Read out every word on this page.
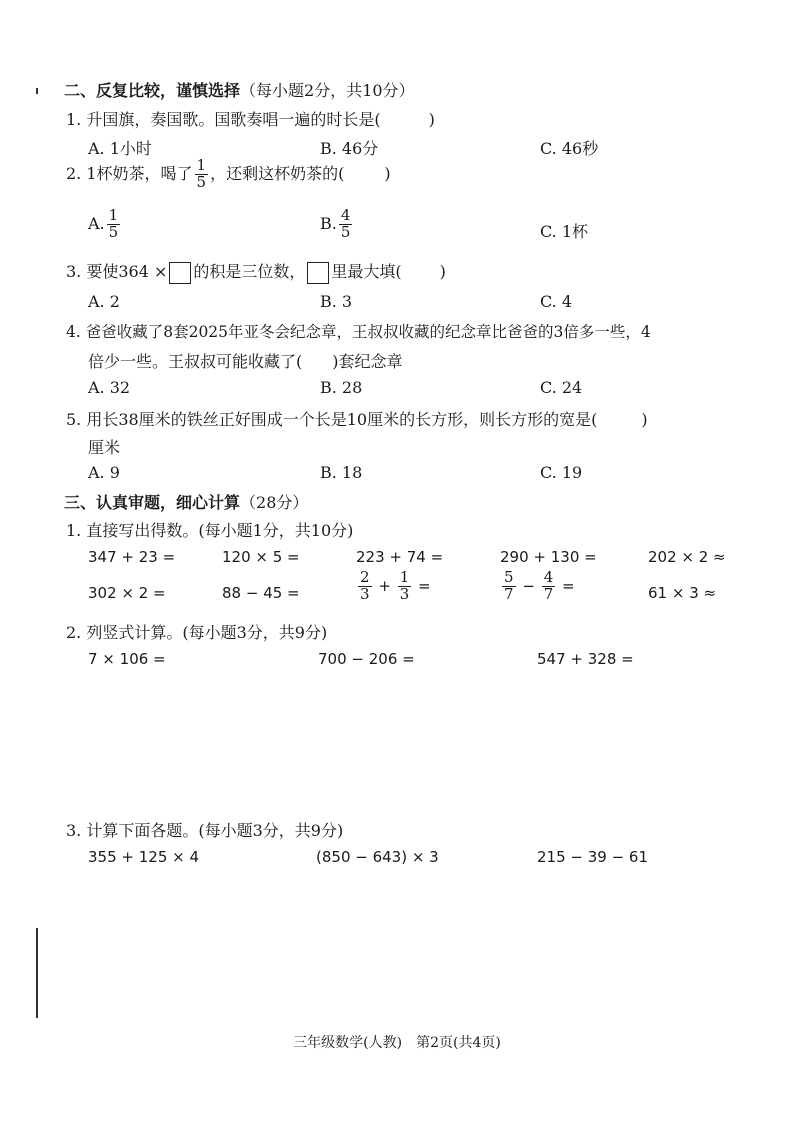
二、反复比较，谨慎选择（每小题2分，共10分）
1. 升国旗，奏国歌。国歌奏唱一遍的时长是(	)
A. 1小时	B. 46分	C. 46秒
2. 1杯奶茶，喝了 $\frac{1}{5}$ ，还剩这杯奶茶的(	)
A. $\frac{1}{5}$	B. $\frac{4}{5}$	C. 1杯
3. 要使364 × 的积是三位数， 里最大填( )
A. 2	B. 3	C. 4
4. 爸爸收藏了8套2025年亚冬会纪念章，王叔叔收藏的纪念章比爸爸的3倍多一些，4
倍少一些。王叔叔可能收藏了( )套纪念章
A. 32	B. 28	C. 24
5. 用长38厘米的铁丝正好围成一个长是10厘米的长方形，则长方形的宽是(	)
厘米
A. 9	B. 18	C. 19
三、认真审题，细心计算（28分）
1. 直接写出得数。(每小题1分，共10分)
347 + 23 =	120 × 5 =	223 + 74 =	290 + 130 =	202 × 2 ≈
302 × 2 =	88 − 45 =	$\frac{2}{3} + \frac{1}{3}$ =	$\frac{5}{7} - \frac{4}{7}$ =	61 × 3 ≈
2. 列竖式计算。(每小题3分，共9分)
7 × 106 =	700 − 206 =	547 + 328 =
3. 计算下面各题。(每小题3分，共9分)
355 + 125 × 4	(850 − 643) × 3	215 − 39 − 61
三年级数学(人教)　第2页(共4页)
